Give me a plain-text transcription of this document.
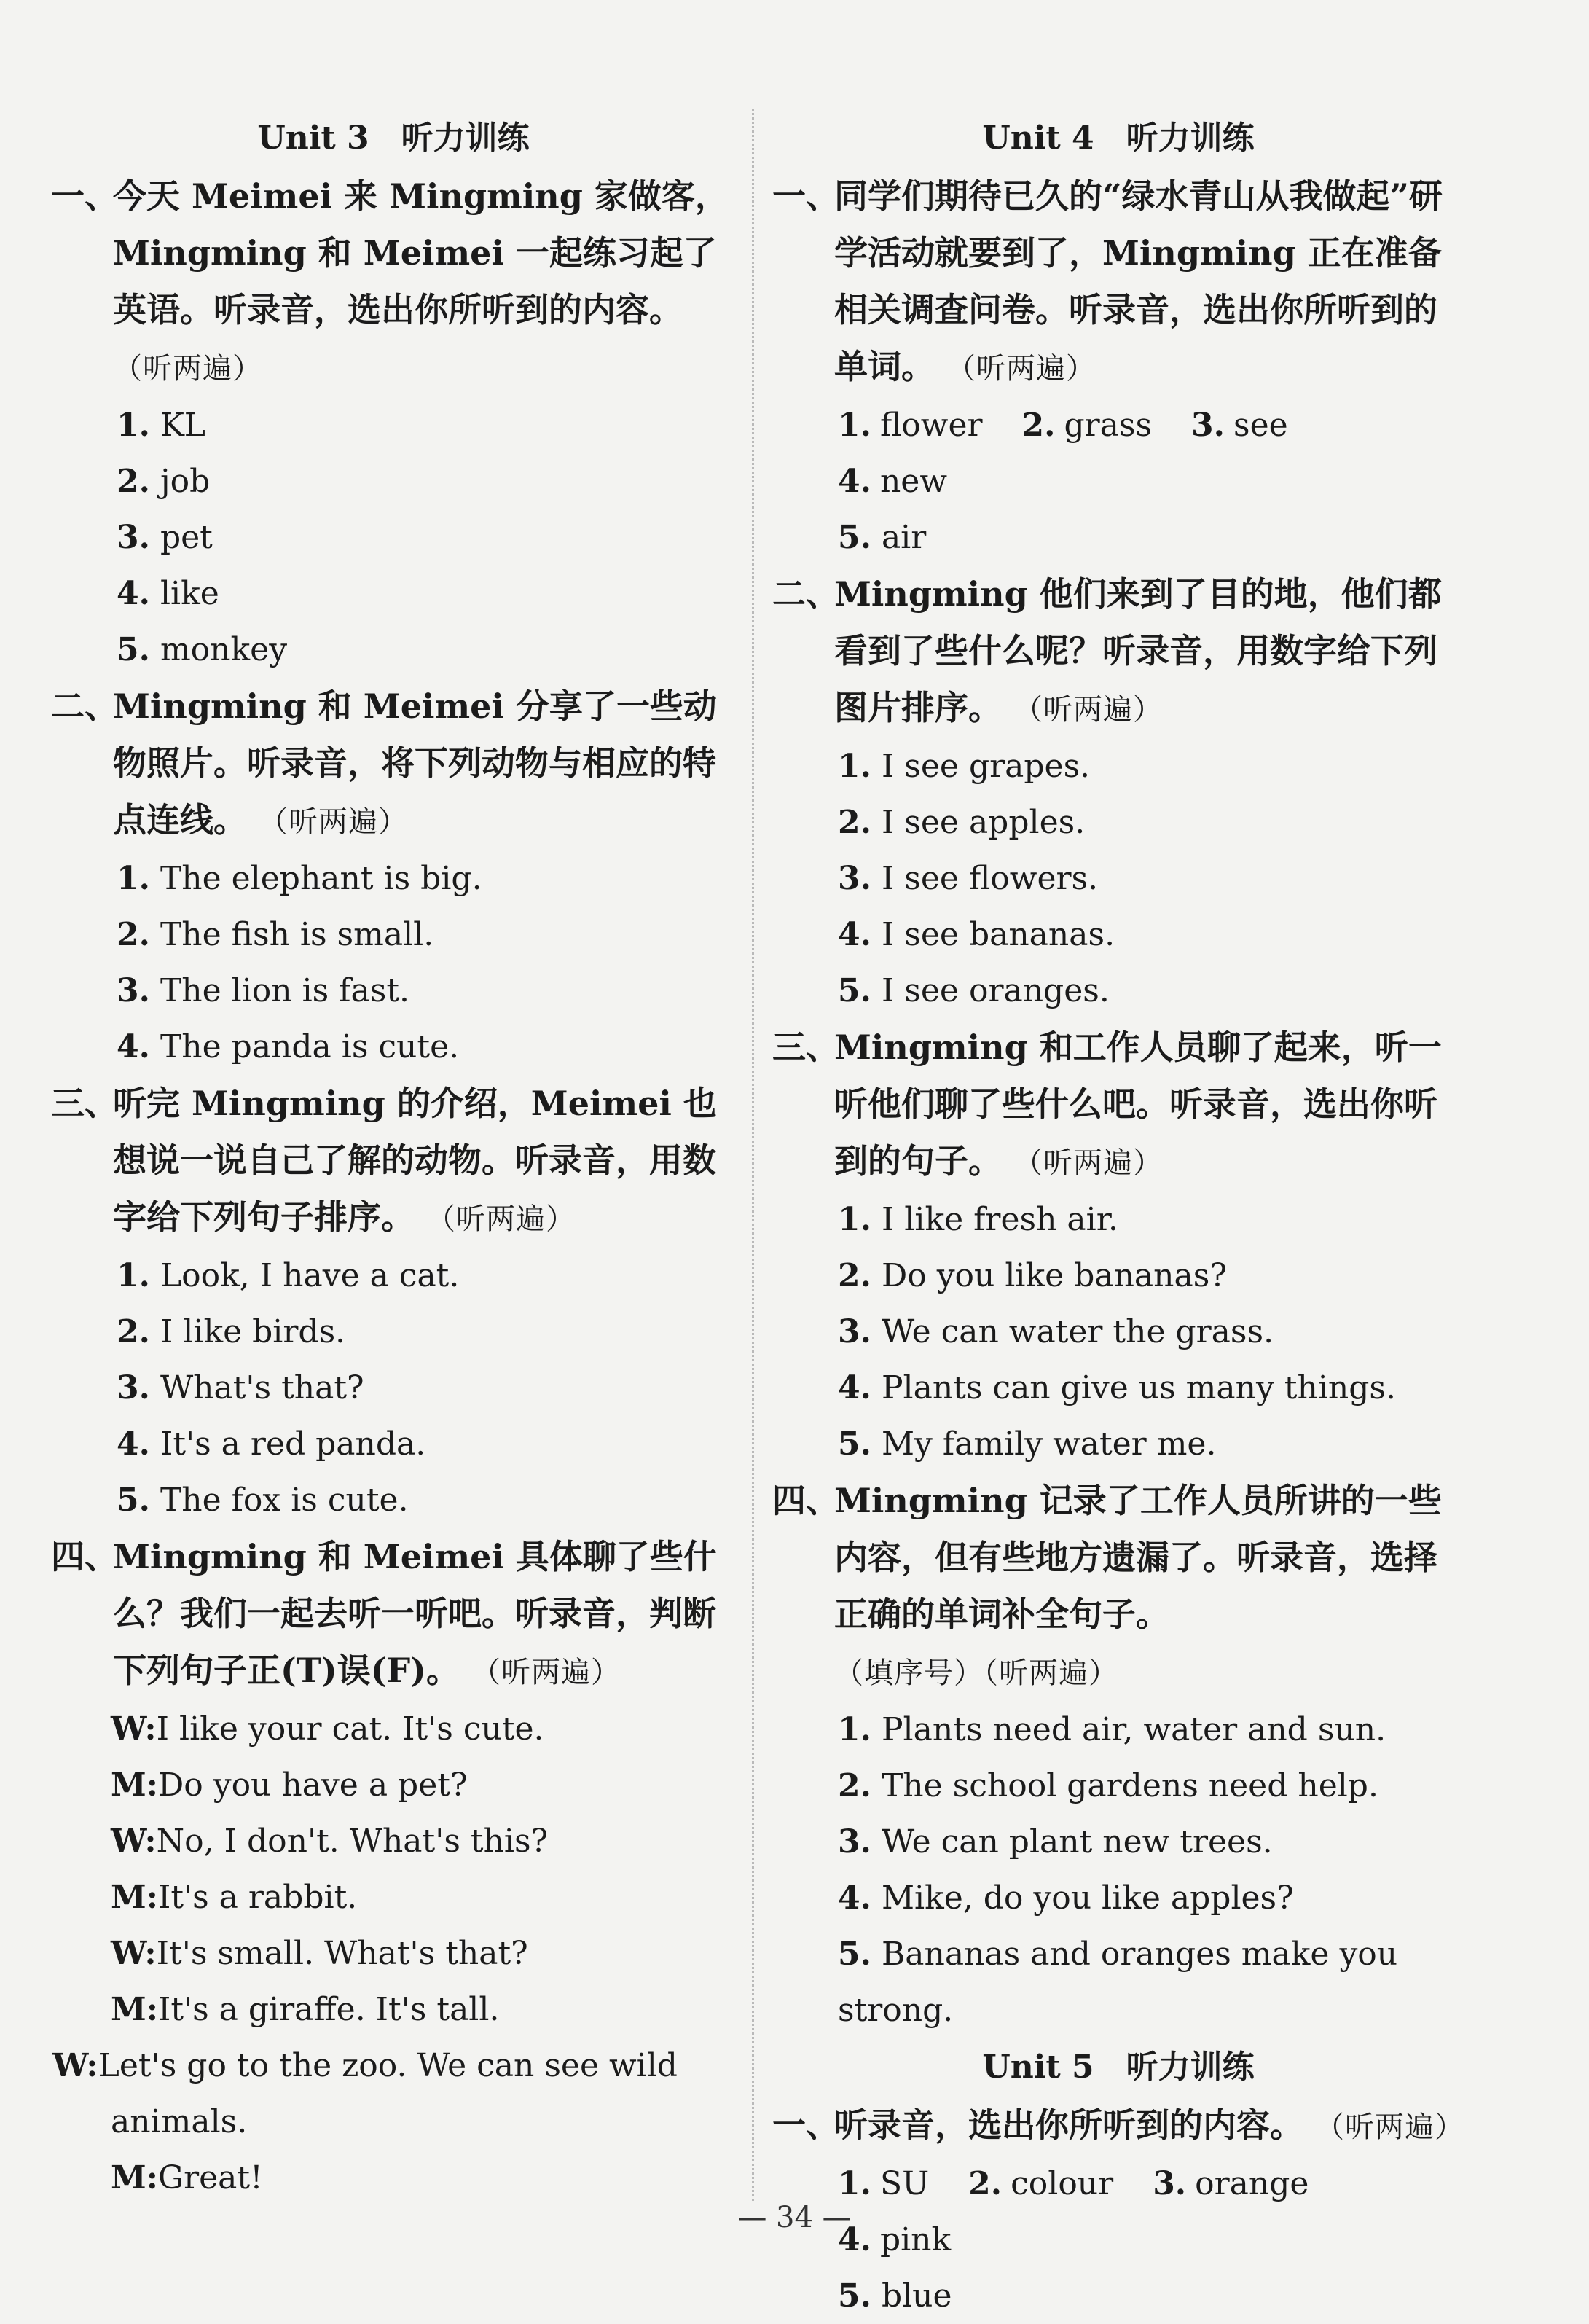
Unit 3　听力训练
一、
今天 Meimei 来 Mingming 家做客，Mingming 和 Meimei 一起练习起了英语。听录音，选出你所听到的内容。 （听两遍）
1. KL
2. job
3. pet
4. like
5. monkey
二、
Mingming 和 Meimei 分享了一些动物照片。听录音，将下列动物与相应的特点连线。 （听两遍）
1. The elephant is big.
2. The fish is small.
3. The lion is fast.
4. The panda is cute.
三、
听完 Mingming 的介绍，Meimei 也想说一说自己了解的动物。听录音，用数字给下列句子排序。 （听两遍）
1. Look, I have a cat.
2. I like birds.
3. What's that?
4. It's a red panda.
5. The fox is cute.
四、
Mingming 和 Meimei 具体聊了些什么？我们一起去听一听吧。听录音，判断下列句子正(T)误(F)。 （听两遍）
W:I like your cat. It's cute.
M:Do you have a pet?
W:No, I don't. What's this?
M:It's a rabbit.
W:It's small. What's that?
M:It's a giraffe. It's tall.
W:Let's go to the zoo. We can see wild animals.
M:Great!
Unit 4　听力训练
一、
同学们期待已久的“绿水青山从我做起”研学活动就要到了，Mingming 正在准备相关调查问卷。听录音，选出你所听到的单词。 （听两遍）
1. flower 2. grass 3. see 4. new
5. air
二、
Mingming 他们来到了目的地，他们都看到了些什么呢？听录音，用数字给下列图片排序。 （听两遍）
1. I see grapes.
2. I see apples.
3. I see flowers.
4. I see bananas.
5. I see oranges.
三、
Mingming 和工作人员聊了起来，听一听他们聊了些什么吧。听录音，选出你听到的句子。 （听两遍）
1. I like fresh air.
2. Do you like bananas?
3. We can water the grass.
4. Plants can give us many things.
5. My family water me.
四、
Mingming 记录了工作人员所讲的一些内容，但有些地方遗漏了。听录音，选择正确的单词补全句子。 （填序号）（听两遍）
1. Plants need air, water and sun.
2. The school gardens need help.
3. We can plant new trees.
4. Mike, do you like apples?
5. Bananas and oranges make you strong.
Unit 5　听力训练
一、
听录音，选出你所听到的内容。 （听两遍）
1. SU 2. colour 3. orange 4. pink
5. blue
— 34 —
